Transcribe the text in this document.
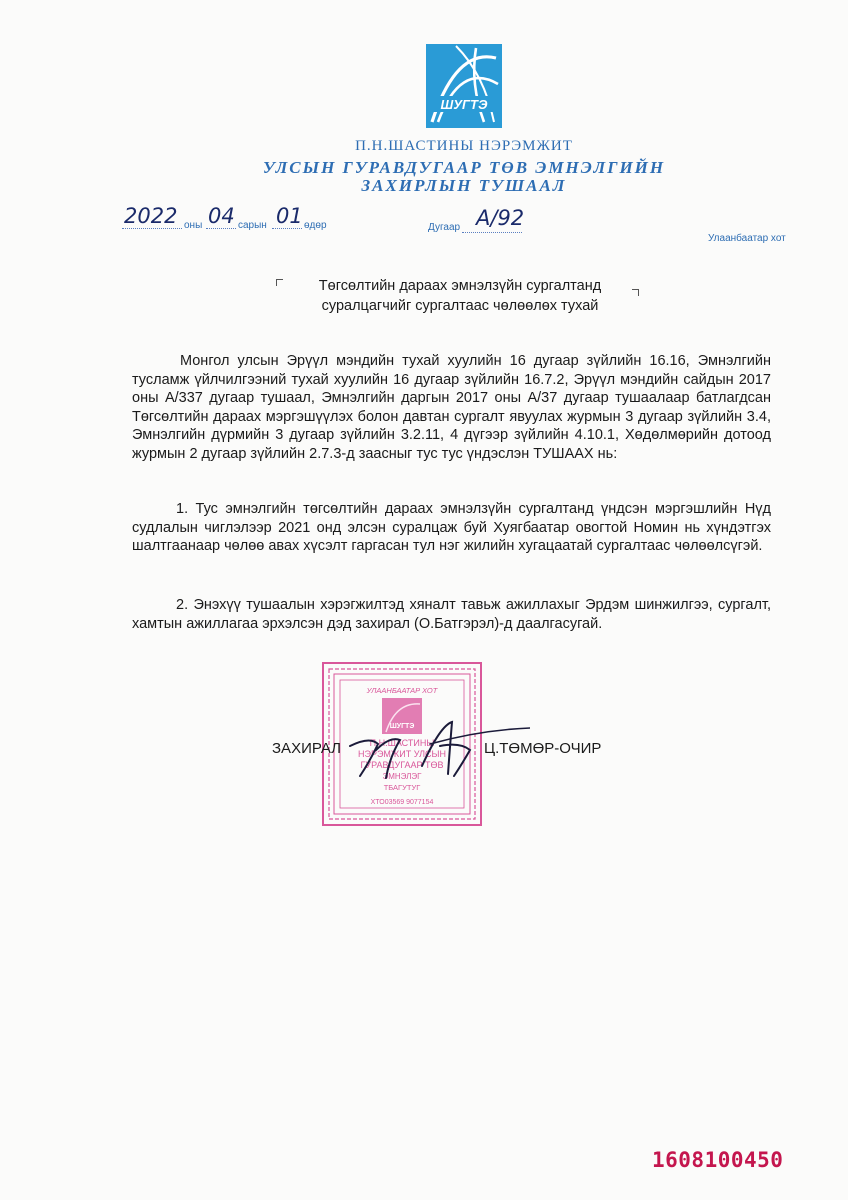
ШУГТЭ
П.Н.ШАСТИНЫ НЭРЭМЖИТ
УЛСЫН ГУРАВДУГААР ТӨВ ЭМНЭЛГИЙН
ЗАХИРЛЫН ТУШААЛ
2022 оны 04 сарын 01 өдөр	Дугаар А/92
Улаанбаатар хот
Төгсөлтийн дараах эмнэлзүйн сургалтанд
суралцагчийг сургалтаас чөлөөлөх тухай
Монгол улсын Эрүүл мэндийн тухай хуулийн 16 дугаар зүйлийн 16.16, Эмнэлгийн тусламж үйлчилгээний тухай хуулийн 16 дугаар зүйлийн 16.7.2, Эрүүл мэндийн сайдын 2017 оны А/337 дугаар тушаал, Эмнэлгийн даргын 2017 оны А/37 дугаар тушаалаар батлагдсан Төгсөлтийн дараах мэргэшүүлэх болон давтан сургалт явуулах журмын 3 дугаар зүйлийн 3.4, Эмнэлгийн дүрмийн 3 дугаар зүйлийн 3.2.11, 4 дүгээр зүйлийн 4.10.1, Хөдөлмөрийн дотоод журмын 2 дугаар зүйлийн 2.7.3-д заасныг тус тус үндэслэн ТУШААХ нь:
1. Тус эмнэлгийн төгсөлтийн дараах эмнэлзүйн сургалтанд үндсэн мэргэшлийн Нүд судлалын чиглэлээр 2021 онд элсэн суралцаж буй Хуягбаатар овогтой Номин нь хүндэтгэх шалтгаанаар чөлөө авах хүсэлт гаргасан тул нэг жилийн хугацаатай сургалтаас чөлөөлсүгэй.
2. Энэхүү тушаалын хэрэгжилтэд хяналт тавьж ажиллахыг Эрдэм шинжилгээ, сургалт, хамтын ажиллагаа эрхэлсэн дэд захирал (О.Батгэрэл)-д даалгасугай.
УЛААНБААТАР ХОТ
ШУГТЭ
П.Н.ШАСТИНЫ
НЭРЭМЖИТ УЛСЫН
ГУРАВДУГААР ТӨВ
ЭМНЭЛЭГ
ТБАГУТУГ
ХТО03569 9077154
ЗАХИРАЛ	Ц.ТӨМӨР-ОЧИР
1608100450
